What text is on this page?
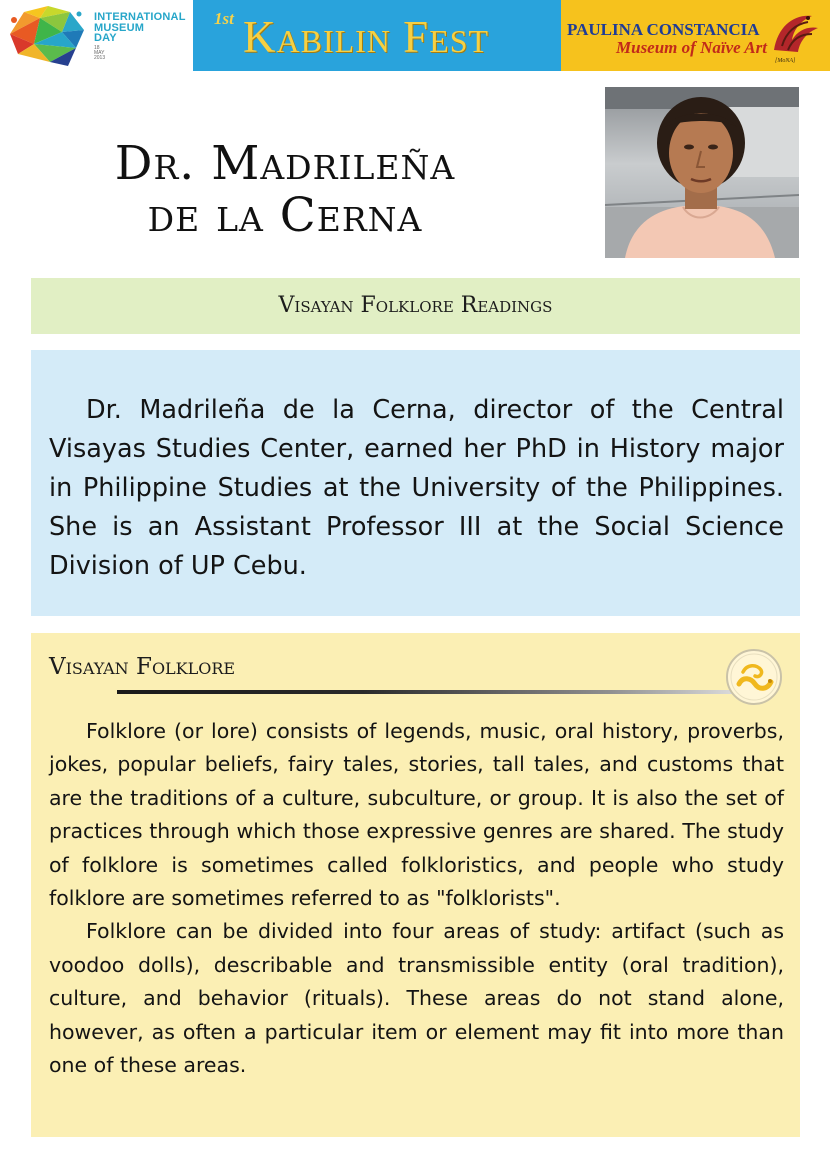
INTERNATIONAL
MUSEUM
DAY
18
MAY
2013
1st Kabilin Fest	PAULINA CONSTANCIA
Museum of Naïve Art
[MoNA]
Dr. Madrileña
de la Cerna
Visayan Folklore Readings
Dr. Madrileña de la Cerna, director of the Central Visayas Studies Center, earned her PhD in History major in Philippine Studies at the University of the Philippines. She is an Assistant Professor III at the Social Science Division of UP Cebu.
Visayan Folklore

Folklore (or lore) consists of legends, music, oral history, proverbs, jokes, popular beliefs, fairy tales, stories, tall tales, and customs that are the traditions of a culture, subculture, or group. It is also the set of practices through which those expressive genres are shared. The study of folklore is sometimes called folkloristics, and people who study folklore are sometimes referred to as "folklorists".

Folklore can be divided into four areas of study: artifact (such as voodoo dolls), describable and transmissible entity (oral tradition), culture, and behavior (rituals). These areas do not stand alone, however, as often a particular item or element may fit into more than one of these areas.
